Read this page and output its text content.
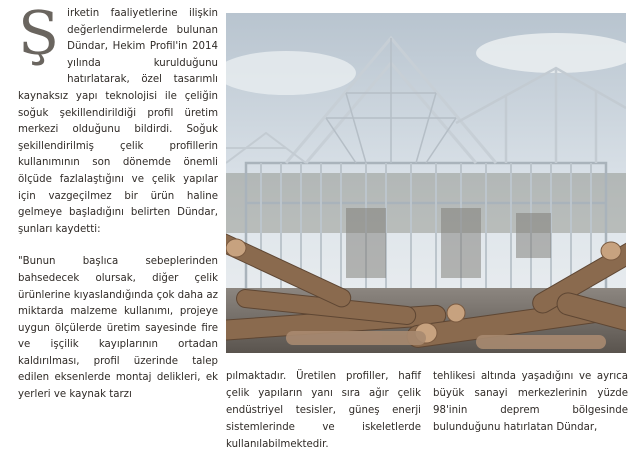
Ş irketin faaliyetlerine ilişkin değerlendirmelerde bulunan Dündar, Hekim Profil'in 2014 yılında kurulduğunu hatırlatarak, özel tasarımlı kaynaksız yapı teknolojisi ile çeliğin soğuk şekillendirildiği profil üretim merkezi olduğunu bildirdi. Soğuk şekillendirilmiş çelik profillerin kullanımının son dönemde önemli ölçüde fazlalaştığını ve çelik yapılar için vazgeçilmez bir ürün haline gelmeye başladığını belirten Dündar, şunları kaydetti:

"Bunun başlıca sebeplerinden bahsedecek olursak, diğer çelik ürünlerine kıyaslandığında çok daha az miktarda malzeme kullanımı, projeye uygun ölçülerde üretim sayesinde fire ve işçilik kayıplarının ortadan kaldırılması, profil üzerinde talep edilen eksenlerde montaj delikleri, ek yerleri ve kaynak tarzı

pılmaktadır. Üretilen profiller, hafif çelik yapıların yanı sıra ağır çelik endüstriyel tesisler, güneş enerji sistemlerinde ve iskeletlerde kullanılabilmektedir.

tehlikesi altında yaşadığını ve ayrıca büyük sanayi merkezlerinin yüzde 98'inin deprem bölgesinde bulunduğunu hatırlatan Dündar,
